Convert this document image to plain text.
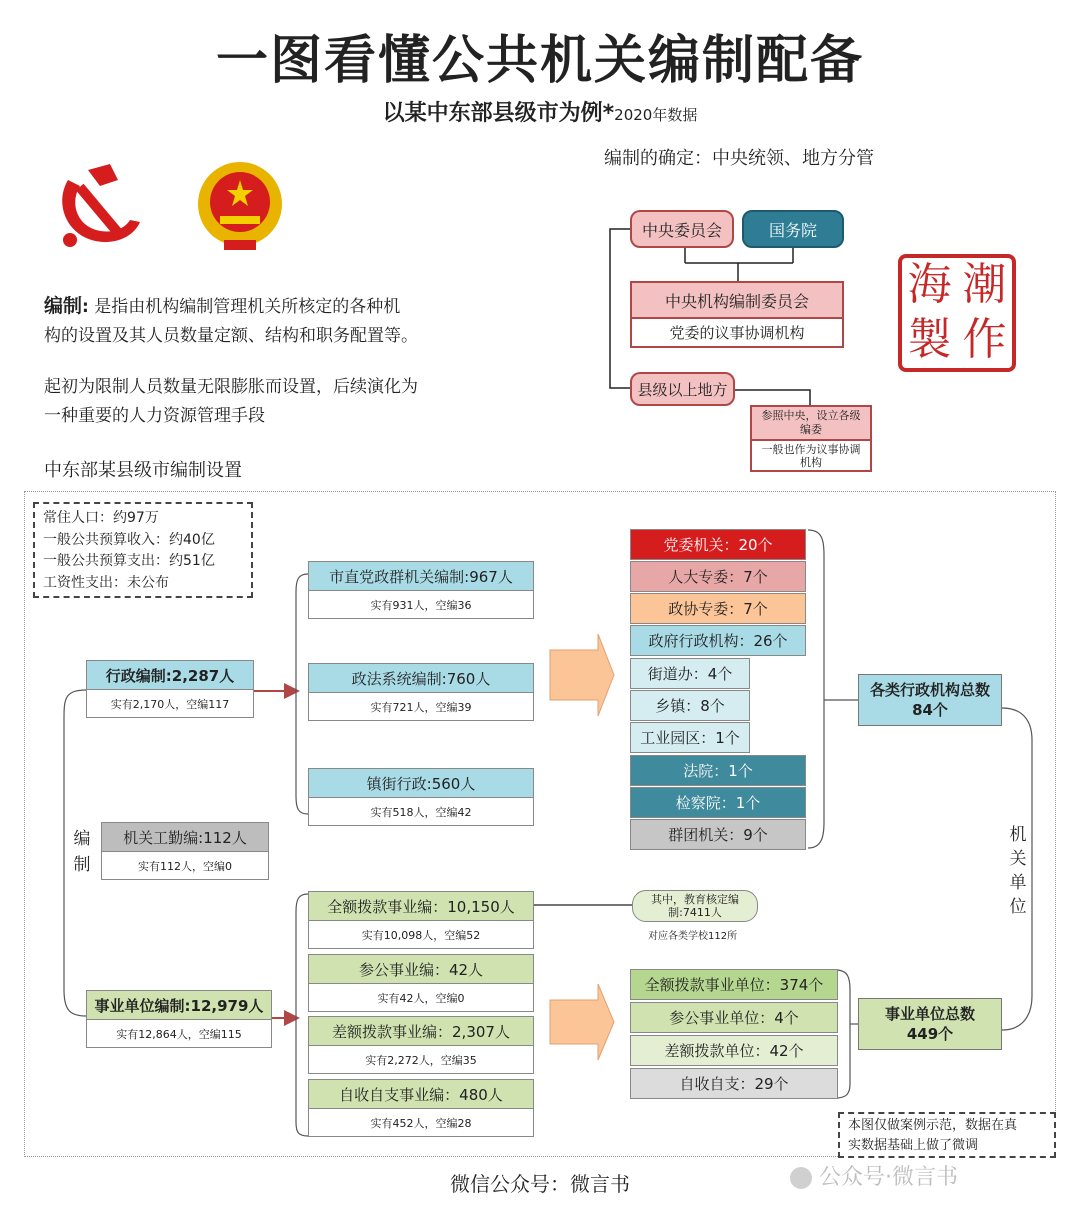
一图看懂公共机关编制配备
以某中东部县级市为例*2020年数据
编制: 是指由机构编制管理机关所核定的各种机
构的设置及其人员数量定额、结构和职务配置等。
起初为限制人员数量无限膨胀而设置，后续演化为
一种重要的人力资源管理手段
编制的确定：中央统领、地方分管
中央委员会	国务院
中央机构编制委员会
党委的议事协调机构
县级以上地方
参照中央，设立各级编委
一般也作为议事协调机构
海 潮
製 作
中东部某县级市编制设置
常住人口：约97万
一般公共预算收入：约40亿
一般公共预算支出：约51亿
工资性支出：未公布
行政编制:2,287人
实有2,170人，空编117
机关工勤编:112人
实有112人，空编0
编
制
事业单位编制:12,979人
实有12,864人，空编115
市直党政群机关编制:967人
实有931人，空编36
政法系统编制:760人
实有721人，空编39
镇街行政:560人
实有518人，空编42
全额拨款事业编：10,150人
实有10,098人，空编52
参公事业编：42人
实有42人，空编0
差额拨款事业编：2,307人
实有2,272人，空编35
自收自支事业编：480人
实有452人，空编28
其中，教育核定编
制:7411人
对应各类学校112所
党委机关：20个
人大专委：7个
政协专委：7个
政府行政机构：26个
街道办：4个
乡镇：8个
工业园区：1个
法院：1个
检察院：1个
群团机关：9个
全额拨款事业单位：374个
参公事业单位：4个
差额拨款单位：42个
自收自支：29个
各类行政机构总数
84个
事业单位总数
449个
机
关
单
位
本图仅做案例示范，数据在真
实数据基础上做了微调
微信公众号：微言书	公众号·微言书
